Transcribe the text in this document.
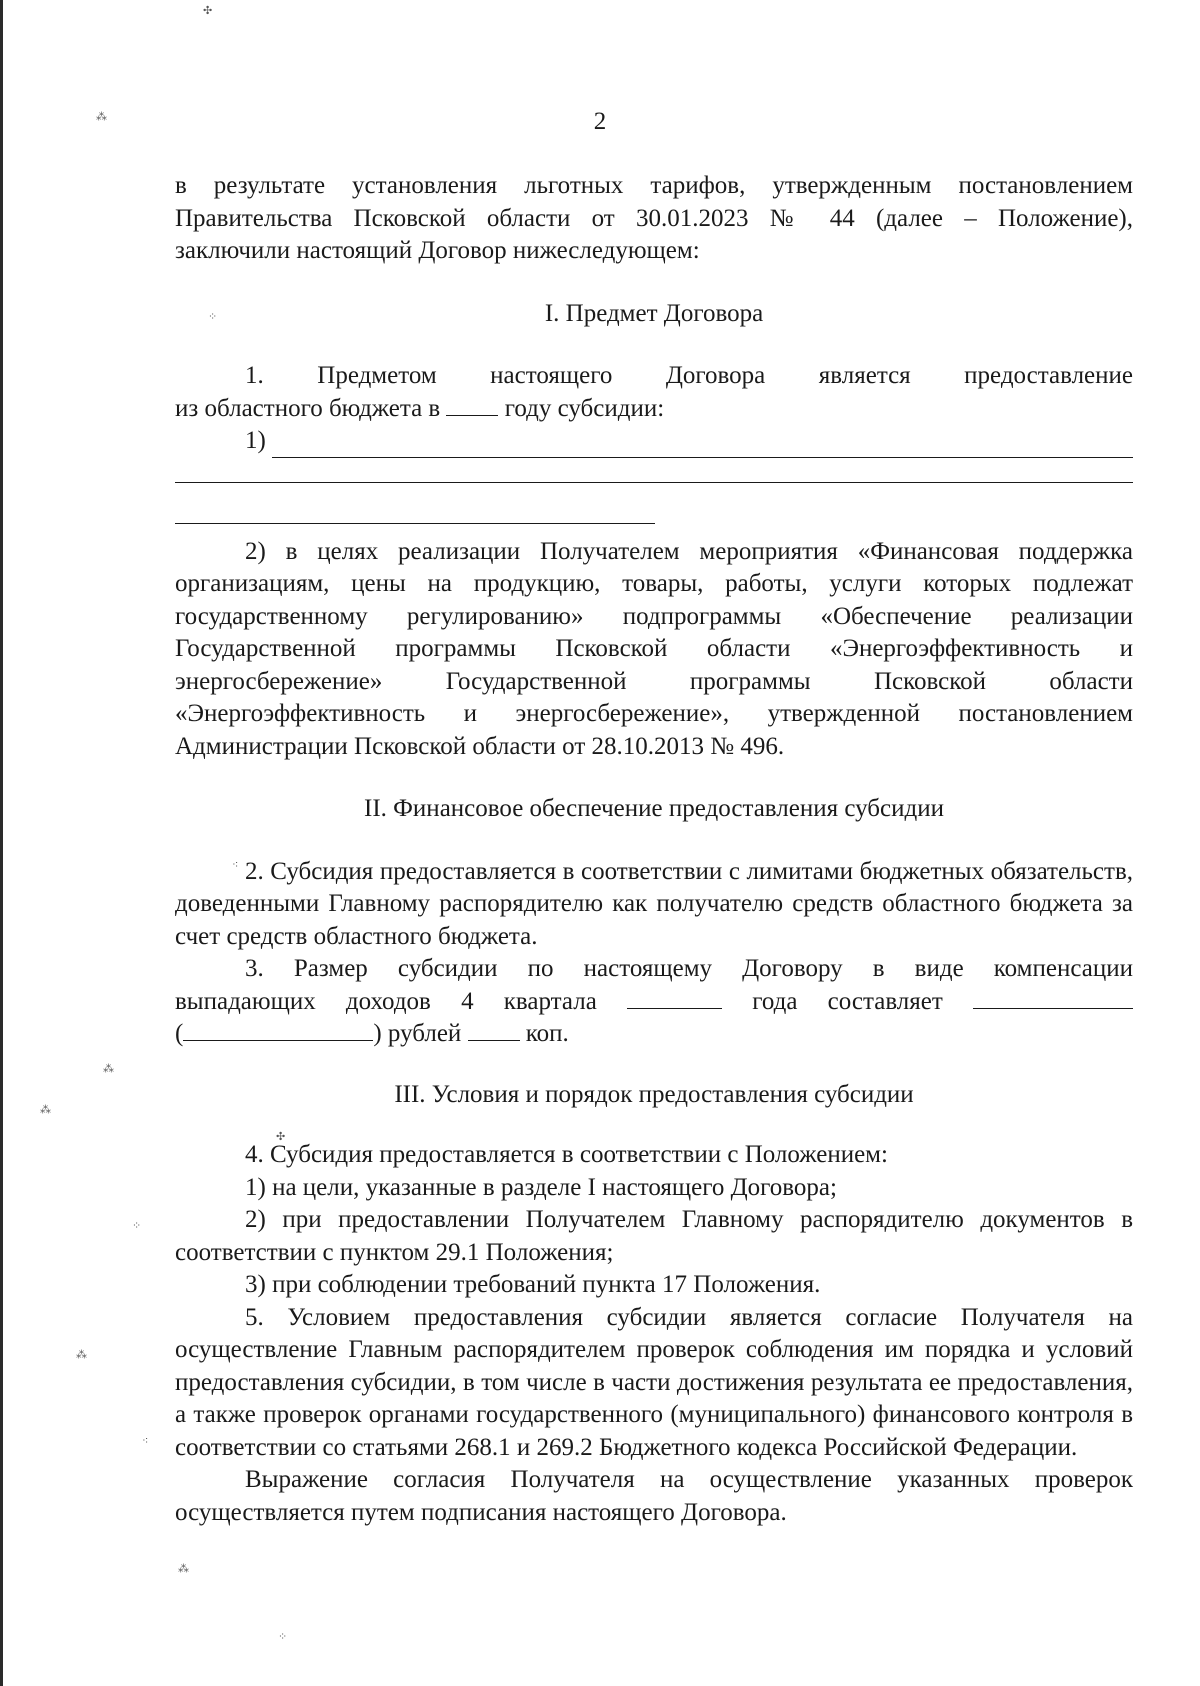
✣
⁂
⁘
⁖
⁂
⁂
✣
⁘
⁂
⁖
⁂
⁘
2

в результате установления льготных тарифов, утвержденным постановлением Правительства Псковской области от 30.01.2023 № 44 (далее – Положение),

заключили настоящий Договор нижеследующем:

I. Предмет Договора

1. Предметом настоящего Договора является предоставление

из областного бюджета в	году субсидии:

1)

2) в целях реализации Получателем мероприятия «Финансовая поддержка организациям, цены на продукцию, товары, работы, услуги которых подлежат государственному регулированию» подпрограммы «Обеспечение реализации Государственной программы Псковской области «Энергоэффективность и энергосбережение» Государственной программы Псковской области «Энергоэффективность и энергосбережение», утвержденной постановлением Администрации Псковской области от 28.10.2013 № 496.

II. Финансовое обеспечение предоставления субсидии

2. Субсидия предоставляется в соответствии с лимитами бюджетных обязательств, доведенными Главному распорядителю как получателю средств областного бюджета за счет средств областного бюджета.

3. Размер субсидии по настоящему Договору в виде компенсации

выпадающих доходов 4 квартала	года составляет

(	) рублей	коп.

III. Условия и порядок предоставления субсидии

4. Субсидия предоставляется в соответствии с Положением:

1) на цели, указанные в разделе I настоящего Договора;

2) при предоставлении Получателем Главному распорядителю документов в соответствии с пунктом 29.1 Положения;

3) при соблюдении требований пункта 17 Положения.

5. Условием предоставления субсидии является согласие Получателя на осуществление Главным распорядителем проверок соблюдения им порядка и условий предоставления субсидии, в том числе в части достижения результата ее предоставления, а также проверок органами государственного (муниципального) финансового контроля в соответствии со статьями 268.1 и 269.2 Бюджетного кодекса Российской Федерации.

Выражение согласия Получателя на осуществление указанных проверок осуществляется путем подписания настоящего Договора.
